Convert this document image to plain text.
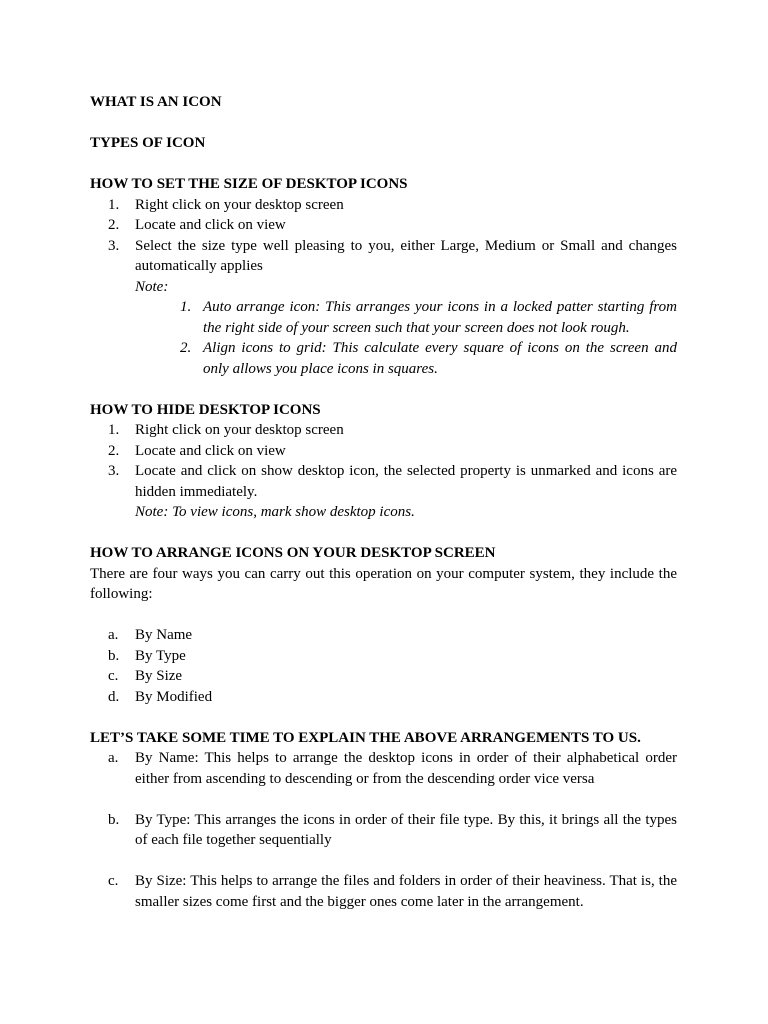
WHAT IS AN ICON

TYPES OF ICON

HOW TO SET THE SIZE OF DESKTOP ICONS

1. Right click on your desktop screen
2. Locate and click on view
3. Select the size type well pleasing to you, either Large, Medium or Small and changes automatically applies
Note:
1. Auto arrange icon: This arranges your icons in a locked patter starting from the right side of your screen such that your screen does not look rough.
2. Align icons to grid: This calculate every square of icons on the screen and only allows you place icons in squares.

HOW TO HIDE DESKTOP ICONS

1. Right click on your desktop screen
2. Locate and click on view
3. Locate and click on show desktop icon, the selected property is unmarked and icons are hidden immediately.
Note: To view icons, mark show desktop icons.

HOW TO ARRANGE ICONS ON YOUR DESKTOP SCREEN

There are four ways you can carry out this operation on your computer system, they include the following:

a. By Name
b. By Type
c. By Size
d. By Modified

LET’S TAKE SOME TIME TO EXPLAIN THE ABOVE ARRANGEMENTS TO US.

a. By Name: This helps to arrange the desktop icons in order of their alphabetical order either from ascending to descending or from the descending order vice versa
b. By Type: This arranges the icons in order of their file type. By this, it brings all the types of each file together sequentially
c. By Size: This helps to arrange the files and folders in order of their heaviness. That is, the smaller sizes come first and the bigger ones come later in the arrangement.
